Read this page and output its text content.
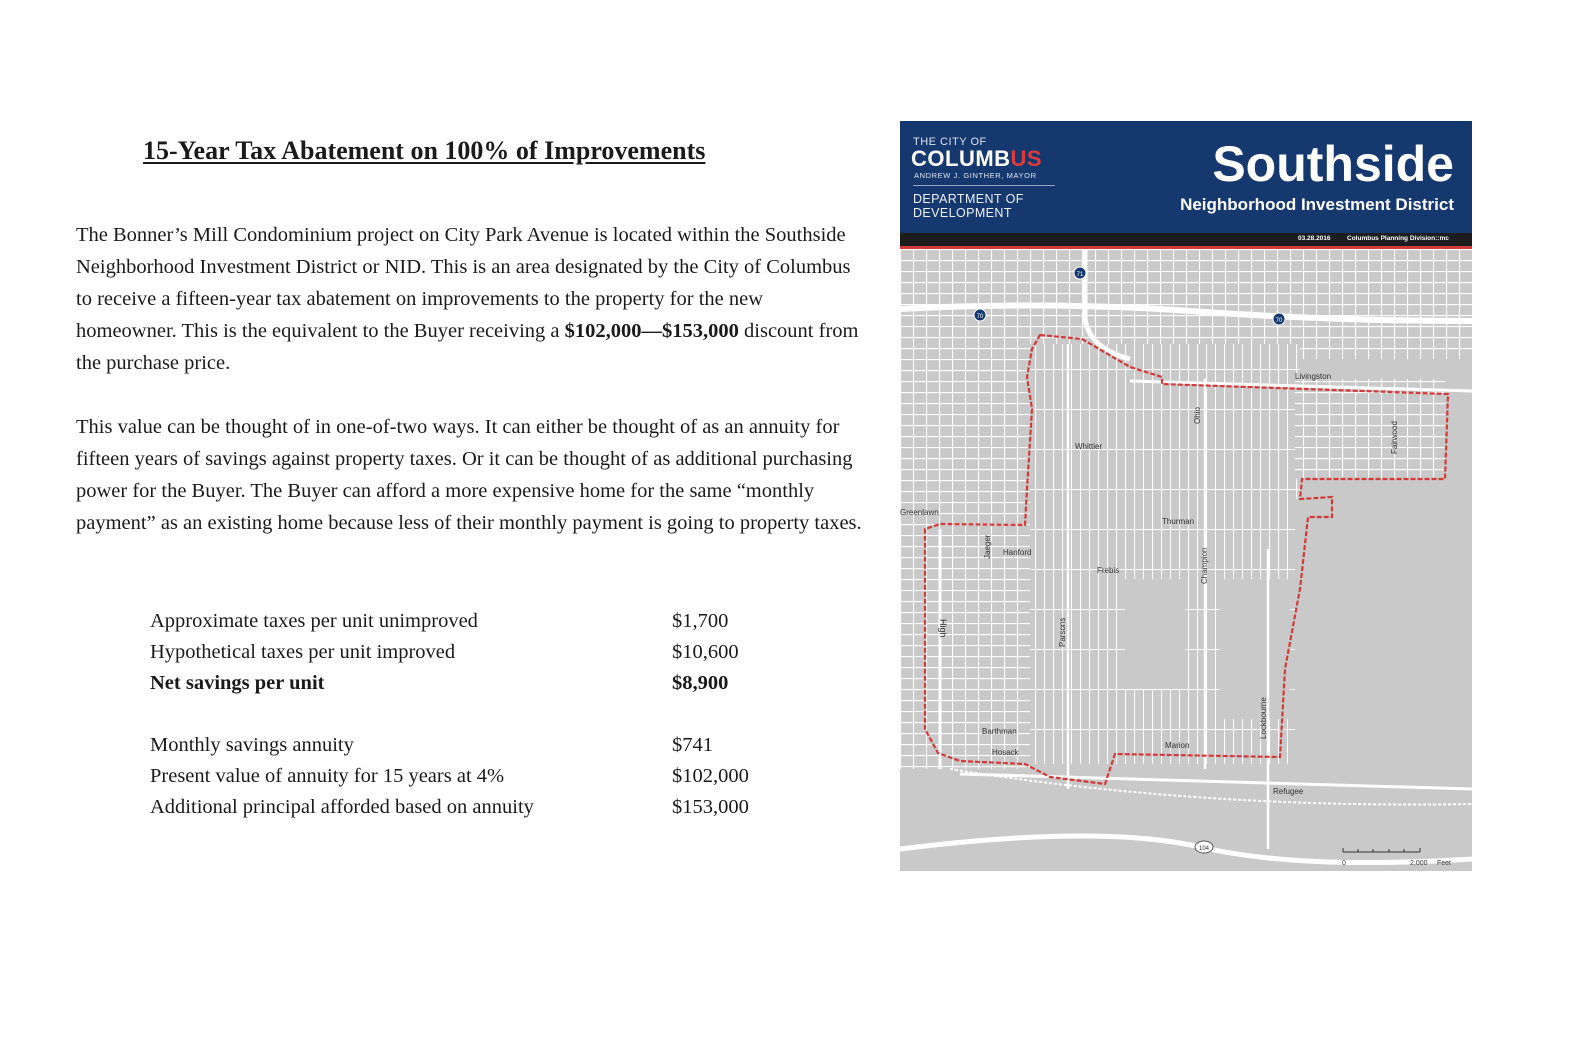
15-Year Tax Abatement on 100% of Improvements

The Bonner’s Mill Condominium project on City Park Avenue is located within the Southside Neighborhood Investment District or NID. This is an area designated by the City of Columbus to receive a fifteen-year tax abatement on improvements to the property for the new homeowner. This is the equivalent to the Buyer receiving a $102,000—$153,000 discount from the purchase price.

This value can be thought of in one-of-two ways. It can either be thought of as an annuity for fifteen years of savings against property taxes. Or it can be thought of as additional purchasing power for the Buyer. The Buyer can afford a more expensive home for the same “monthly payment” as an existing home because less of their monthly payment is going to property taxes.

Approximate taxes per unit unimproved	$1,700
Hypothetical taxes per unit improved	$10,600
Net savings per unit	$8,900
Monthly savings annuity	$741
Present value of annuity for 15 years at 4%	$102,000
Additional principal afforded based on annuity	$153,000
THE CITY OF
COLUMBUS
ANDREW J. GINTHER, MAYOR
DEPARTMENT OF
DEVELOPMENT
Southside
Neighborhood Investment District
03.28.2016	Columbus Planning Division::mc
71
70
70
104
Livingston
Whittier
Ohio
Fairwood
Greenlawn
Thurman
Jaeger Hanford
Frebis	Champion
High	Parsons
Lockbourne
Marion
Barthman
Hosack
Refugee
0	2,000 Feet
